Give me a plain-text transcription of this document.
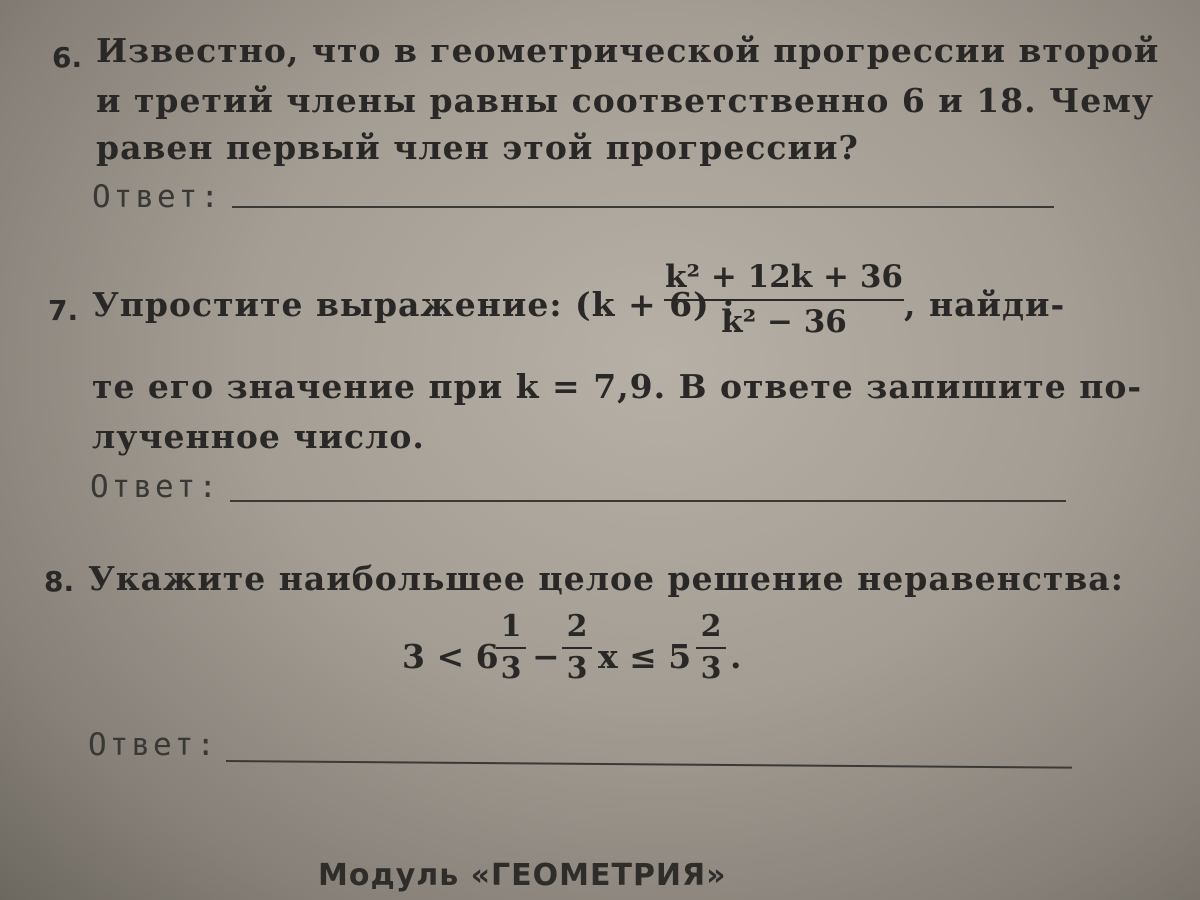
6. Известно, что в геометрической прогрессии второй
и третий члены равны соответственно 6 и 18. Чему
равен первый член этой прогрессии?
Ответ:
7. Упростите выражение: (k + 6) :
k² + 12k + 36
k² − 36	, найди-
те его значение при k = 7,9. В ответе запишите по-
лученное число.
Ответ:
8. Укажите наибольшее целое решение неравенства:
3 < 6
1
3 −
2
3 x ≤ 5
2
3 .
Ответ:
Модуль «ГЕОМЕТРИЯ»
